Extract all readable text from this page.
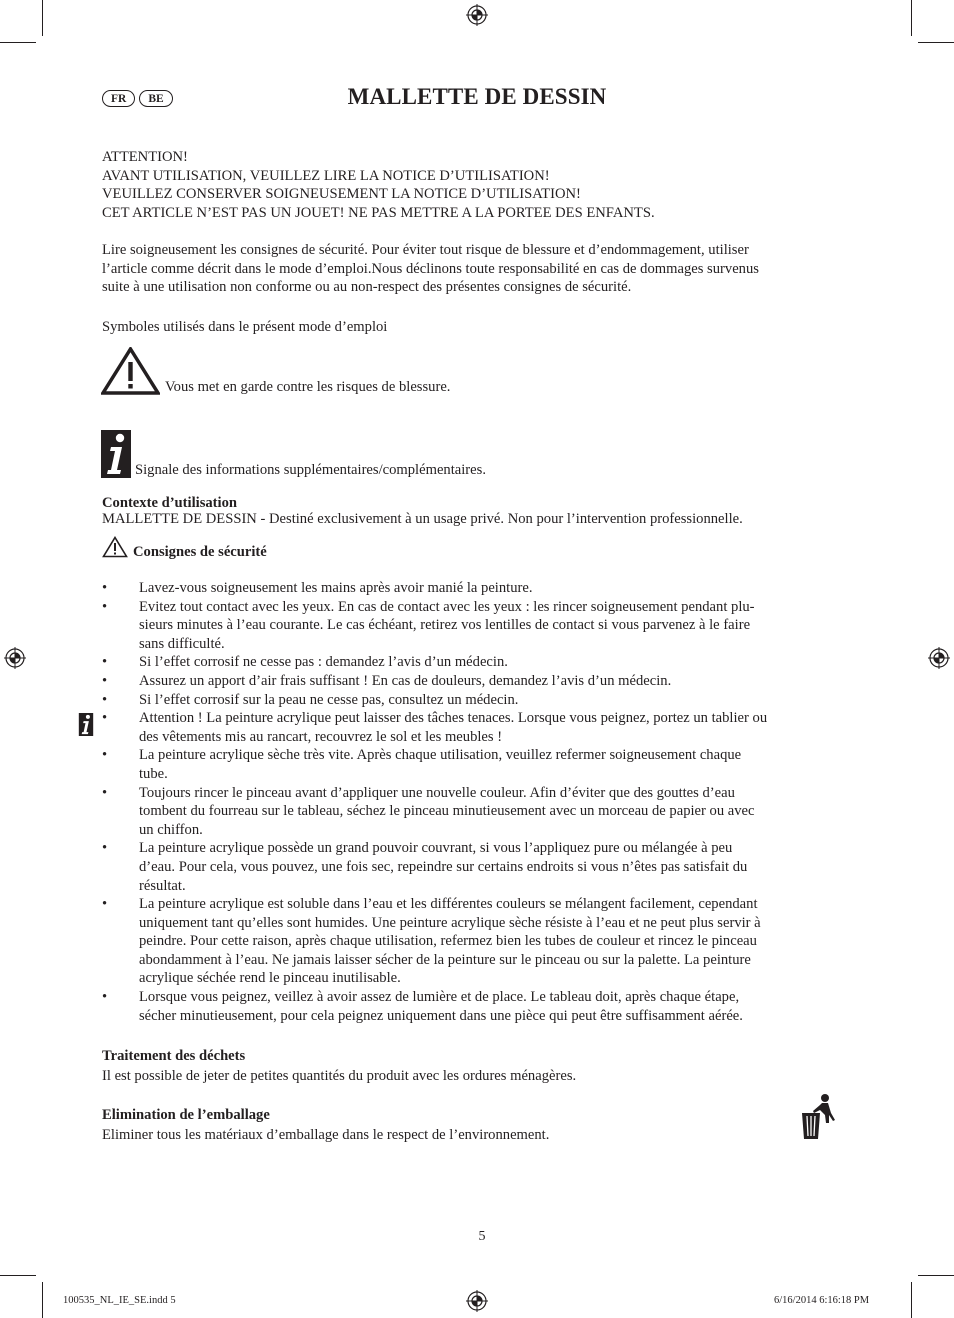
FR	BE	MALLETTE DE DESSIN

ATTENTION!

AVANT UTILISATION, VEUILLEZ LIRE LA NOTICE D’UTILISATION!

VEUILLEZ CONSERVER SOIGNEUSEMENT LA NOTICE D’UTILISATION!

CET ARTICLE N’EST PAS UN JOUET! NE PAS METTRE A LA PORTEE DES ENFANTS.

Lire soigneusement les consignes de sécurité. Pour éviter tout risque de blessure et d’endommagement, utiliser

l’article comme décrit dans le mode d’emploi.Nous déclinons toute responsabilité en cas de dommages survenus

suite à une utilisation non conforme ou au non-respect des présentes consignes de sécurité.

Symboles utilisés dans le présent mode d’emploi
Vous met en garde contre les risques de blessure.
Signale des informations supplémentaires/complémentaires.
Contexte d’utilisation
MALLETTE DE DESSIN - Destiné exclusivement à un usage privé. Non pour l’intervention professionnelle.
Consignes de sécurité
• Lavez-vous soigneusement les mains après avoir manié la peinture.
• Evitez tout contact avec les yeux. En cas de contact avec les yeux : les rincer soigneusement pendant plu-
sieurs minutes à l’eau courante. Le cas échéant, retirez vos lentilles de contact si vous parvenez à le faire
sans difficulté.
• Si l’effet corrosif ne cesse pas : demandez l’avis d’un médecin.
• Assurez un apport d’air frais suffisant ! En cas de douleurs, demandez l’avis d’un médecin.
• Si l’effet corrosif sur la peau ne cesse pas, consultez un médecin.
• Attention ! La peinture acrylique peut laisser des tâches tenaces. Lorsque vous peignez, portez un tablier ou
des vêtements mis au rancart, recouvrez le sol et les meubles !
• La peinture acrylique sèche très vite. Après chaque utilisation, veuillez refermer soigneusement chaque
tube.
• Toujours rincer le pinceau avant d’appliquer une nouvelle couleur. Afin d’éviter que des gouttes d’eau
tombent du fourreau sur le tableau, séchez le pinceau minutieusement avec un morceau de papier ou avec
un chiffon.
• La peinture acrylique possède un grand pouvoir couvrant, si vous l’appliquez pure ou mélangée à peu
d’eau. Pour cela, vous pouvez, une fois sec, repeindre sur certains endroits si vous n’êtes pas satisfait du
résultat.
• La peinture acrylique est soluble dans l’eau et les différentes couleurs se mélangent facilement, cependant
uniquement tant qu’elles sont humides. Une peinture acrylique sèche résiste à l’eau et ne peut plus servir à
peindre. Pour cette raison, après chaque utilisation, refermez bien les tubes de couleur et rincez le pinceau
abondamment à l’eau. Ne jamais laisser sécher de la peinture sur le pinceau ou sur la palette. La peinture
acrylique séchée rend le pinceau inutilisable.
• Lorsque vous peignez, veillez à avoir assez de lumière et de place. Le tableau doit, après chaque étape,
sécher minutieusement, pour cela peignez uniquement dans une pièce qui peut être suffisamment aérée.
Traitement des déchets
Il est possible de jeter de petites quantités du produit avec les ordures ménagères.
Elimination de l’emballage
Eliminer tous les matériaux d’emballage dans le respect de l’environnement.
5
100535_NL_IE_SE.indd 5	6/16/2014 6:16:18 PM
